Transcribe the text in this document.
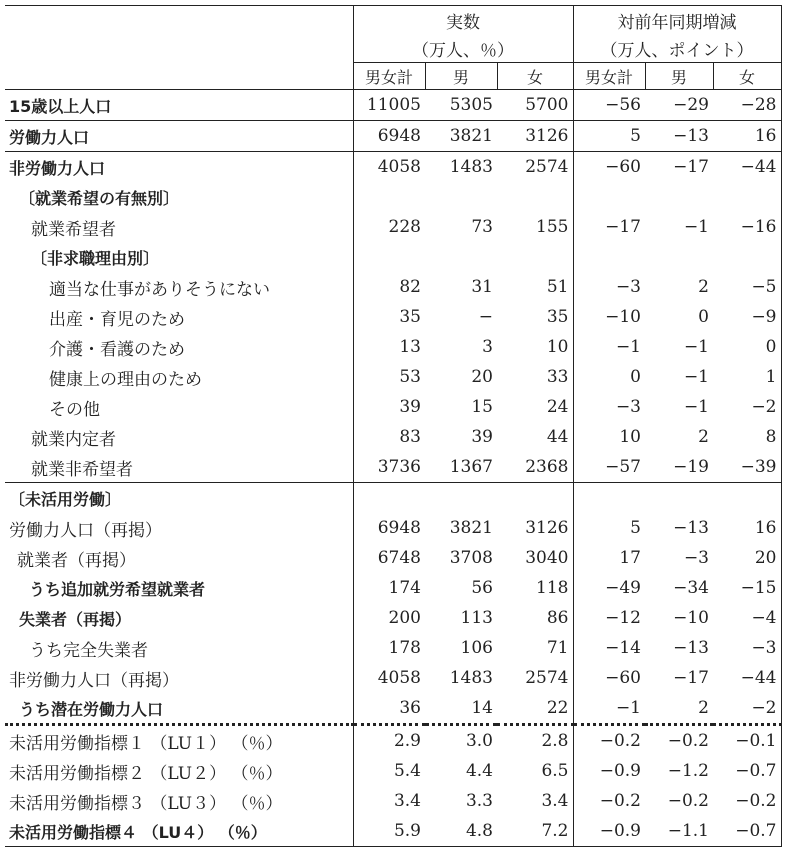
	実数			対前年同期増減		
	（万人、％）			（万人、ポイント）		
	男女計	男	女	男女計	男	女
15歳以上人口	11005	5305	5700	−56	−29	−28
労働力人口	6948	3821	3126	5	−13	16
非労働力人口	4058	1483	2574	−60	−17	−44
〔就業希望の有無別〕						
就業希望者	228	73	155	−17	−1	−16
〔非求職理由別〕						
適当な仕事がありそうにない	82	31	51	−3	2	−5
出産・育児のため	35	−	35	−10	0	−9
介護・看護のため	13	3	10	−1	−1	0
健康上の理由のため	53	20	33	0	−1	1
その他	39	15	24	−3	−1	−2
就業内定者	83	39	44	10	2	8
就業非希望者	3736	1367	2368	−57	−19	−39
〔未活用労働〕						
労働力人口（再掲）	6948	3821	3126	5	−13	16
就業者（再掲）	6748	3708	3040	17	−3	20
うち追加就労希望就業者	174	56	118	−49	−34	−15
失業者（再掲）	200	113	86	−12	−10	−4
うち完全失業者	178	106	71	−14	−13	−3
非労働力人口（再掲）	4058	1483	2574	−60	−17	−44
うち潜在労働力人口	36	14	22	−1	2	−2
未活用労働指標１ （LU１） （％）	2.9	3.0	2.8	−0.2	−0.2	−0.1
未活用労働指標２ （LU２） （％）	5.4	4.4	6.5	−0.9	−1.2	−0.7
未活用労働指標３ （LU３） （％）	3.4	3.3	3.4	−0.2	−0.2	−0.2
未活用労働指標４ （LU４） （％）	5.9	4.8	7.2	−0.9	−1.1	−0.7
